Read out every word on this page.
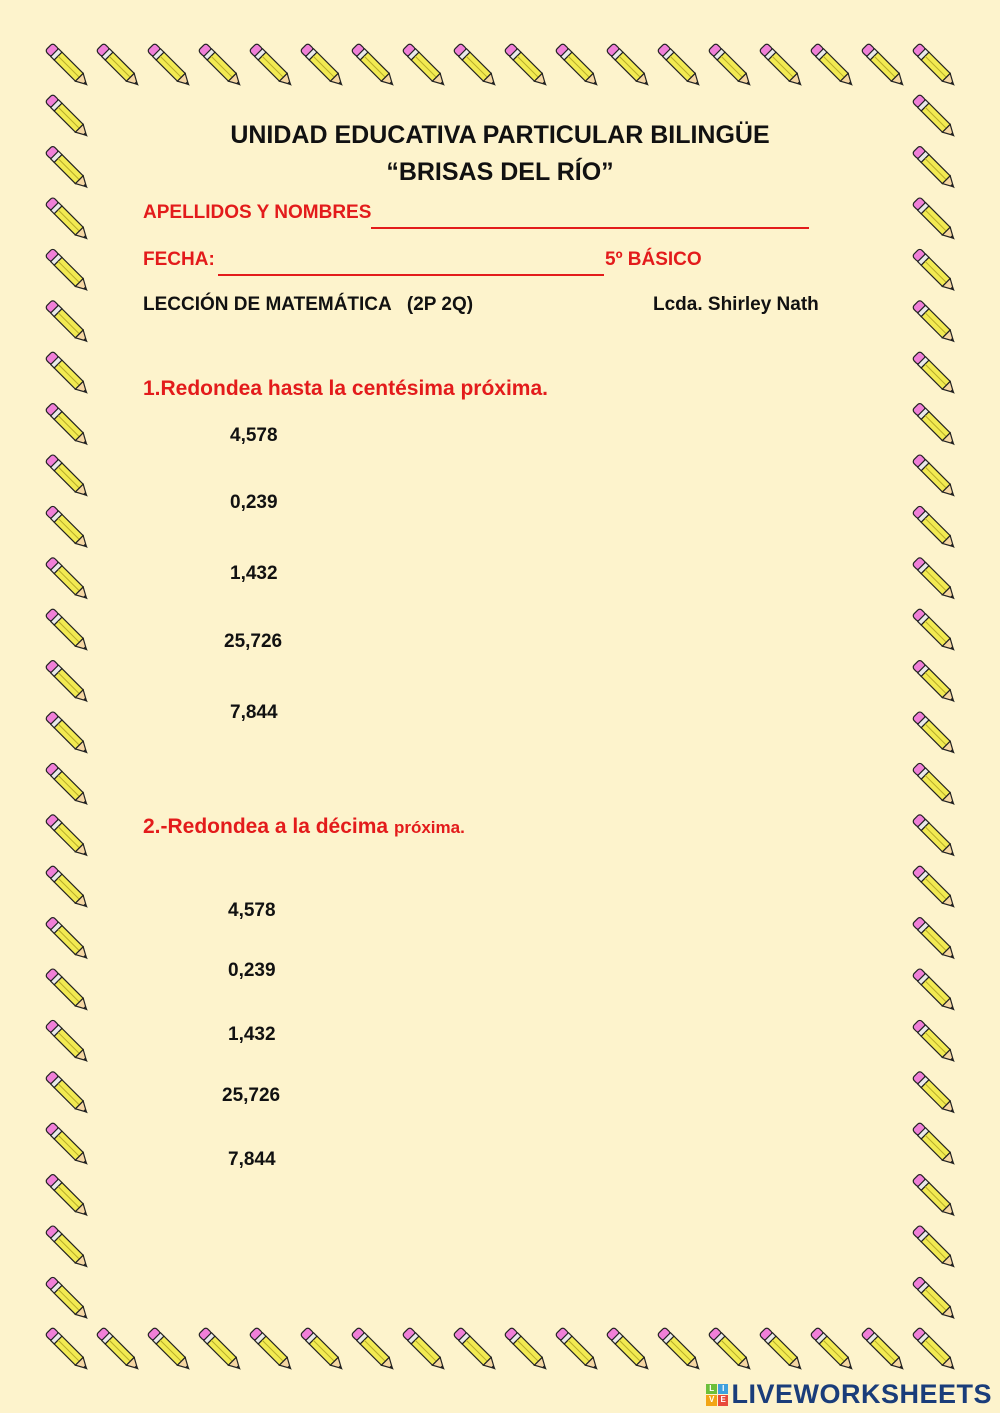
UNIDAD EDUCATIVA PARTICULAR BILINGÜE
“BRISAS DEL RÍO”
APELLIDOS Y NOMBRES
FECHA:	5º BÁSICO
LECCIÓN DE MATEMÁTICA   (2P 2Q)	Lcda. Shirley Nath
1.Redondea hasta la centésima próxima.
4,578
0,239
1,432
25,726
7,844
2.-Redondea a la décima próxima.
4,578
0,239
1,432
25,726
7,844
L I
V E LIVEWORKSHEETS
